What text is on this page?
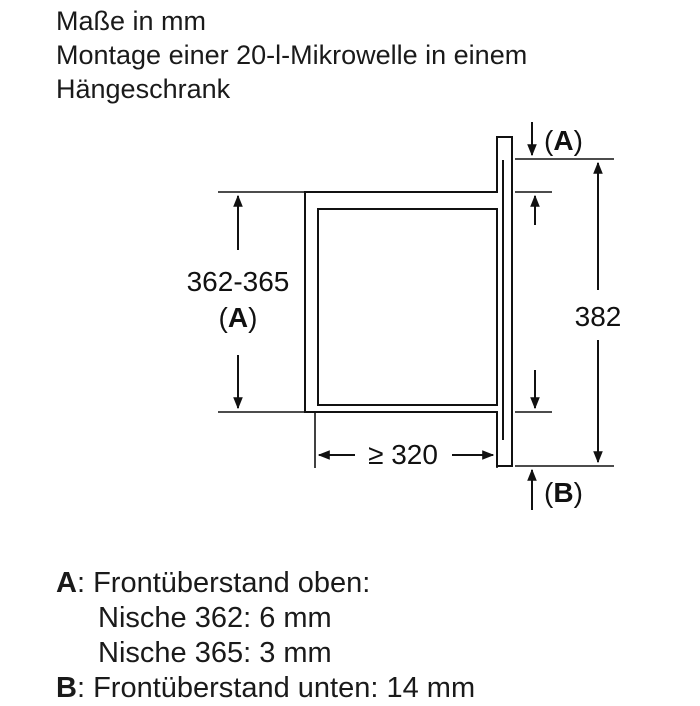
Maße in mm
Montage einer 20-l-Mikrowelle in einem
Hängeschrank
362-365
(A)	382
≥ 320
(A)
(B)
A: Frontüberstand oben:
Nische 362: 6 mm
Nische 365: 3 mm
B: Frontüberstand unten: 14 mm
